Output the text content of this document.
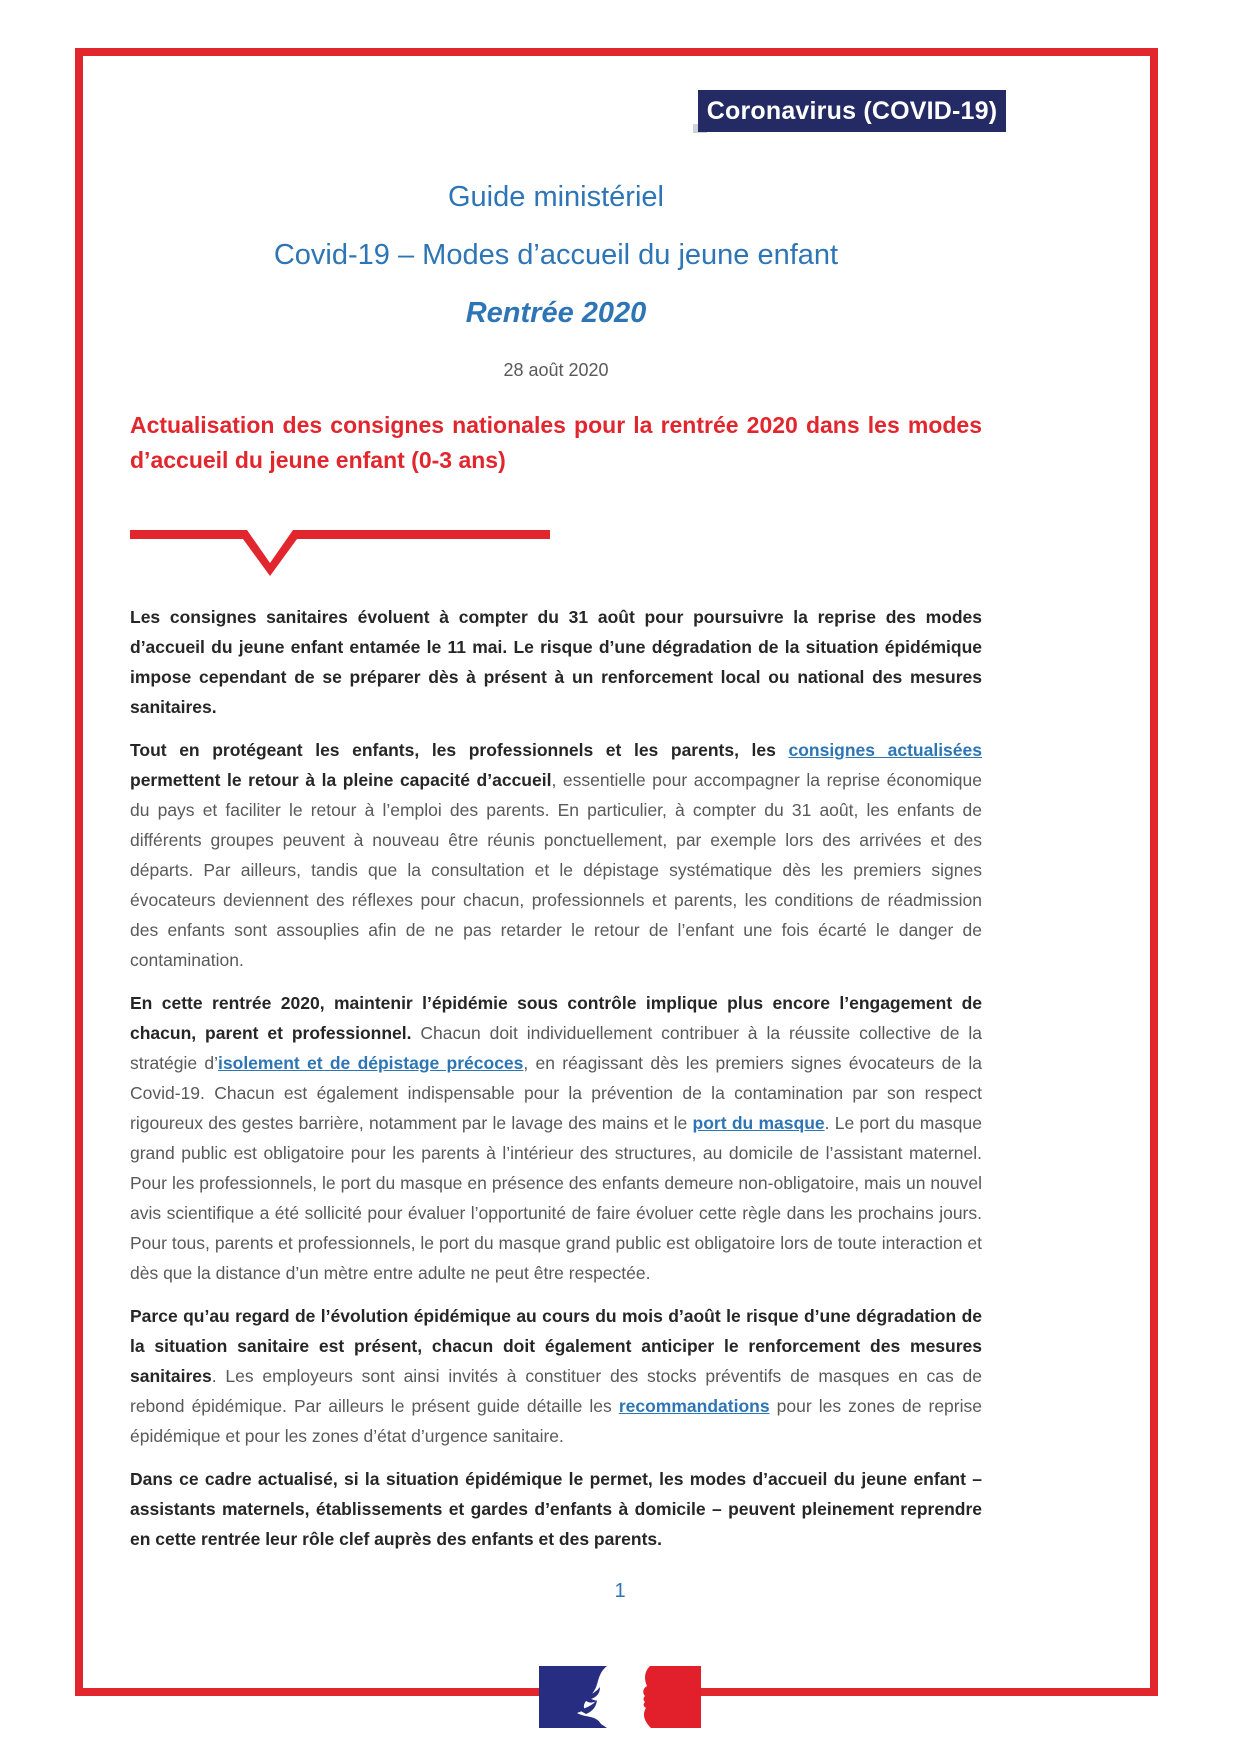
Coronavirus (COVID-19)
Guide ministériel
Covid-19 – Modes d’accueil du jeune enfant
Rentrée 2020
28 août 2020
Actualisation des consignes nationales pour la rentrée 2020 dans les modes d’accueil du jeune enfant (0-3 ans)

Les consignes sanitaires évoluent à compter du 31 août pour poursuivre la reprise des modes d’accueil du jeune enfant entamée le 11 mai. Le risque d’une dégradation de la situation épidémique impose cependant de se préparer dès à présent à un renforcement local ou national des mesures sanitaires.

Tout en protégeant les enfants, les professionnels et les parents, les consignes actualisées permettent le retour à la pleine capacité d’accueil, essentielle pour accompagner la reprise économique du pays et faciliter le retour à l’emploi des parents. En particulier, à compter du 31 août, les enfants de différents groupes peuvent à nouveau être réunis ponctuellement, par exemple lors des arrivées et des départs. Par ailleurs, tandis que la consultation et le dépistage systématique dès les premiers signes évocateurs deviennent des réflexes pour chacun, professionnels et parents, les conditions de réadmission des enfants sont assouplies afin de ne pas retarder le retour de l’enfant une fois écarté le danger de contamination.

En cette rentrée 2020, maintenir l’épidémie sous contrôle implique plus encore l’engagement de chacun, parent et professionnel. Chacun doit individuellement contribuer à la réussite collective de la stratégie d’isolement et de dépistage précoces, en réagissant dès les premiers signes évocateurs de la Covid-19. Chacun est également indispensable pour la prévention de la contamination par son respect rigoureux des gestes barrière, notamment par le lavage des mains et le port du masque. Le port du masque grand public est obligatoire pour les parents à l’intérieur des structures, au domicile de l’assistant maternel. Pour les professionnels, le port du masque en présence des enfants demeure non-obligatoire, mais un nouvel avis scientifique a été sollicité pour évaluer l’opportunité de faire évoluer cette règle dans les prochains jours. Pour tous, parents et professionnels, le port du masque grand public est obligatoire lors de toute interaction et dès que la distance d’un mètre entre adulte ne peut être respectée.

Parce qu’au regard de l’évolution épidémique au cours du mois d’août le risque d’une dégradation de la situation sanitaire est présent, chacun doit également anticiper le renforcement des mesures sanitaires. Les employeurs sont ainsi invités à constituer des stocks préventifs de masques en cas de rebond épidémique. Par ailleurs le présent guide détaille les recommandations pour les zones de reprise épidémique et pour les zones d’état d’urgence sanitaire.

Dans ce cadre actualisé, si la situation épidémique le permet, les modes d’accueil du jeune enfant – assistants maternels, établissements et gardes d’enfants à domicile – peuvent pleinement reprendre en cette rentrée leur rôle clef auprès des enfants et des parents.

1
